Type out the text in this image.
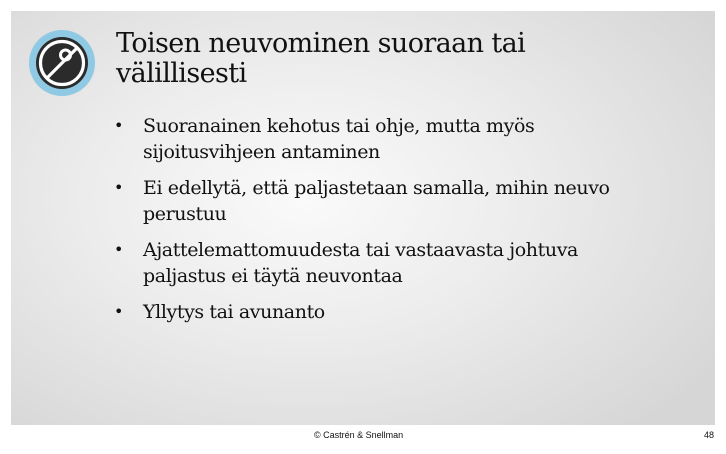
Toisen neuvominen suoraan tai
välillisesti
• Suoranainen kehotus tai ohje, mutta myös
sijoitusvihjeen antaminen
• Ei edellytä, että paljastetaan samalla, mihin neuvo
perustuu
• Ajattelemattomuudesta tai vastaavasta johtuva
paljastus ei täytä neuvontaa
• Yllytys tai avunanto
© Castrén & Snellman	48
